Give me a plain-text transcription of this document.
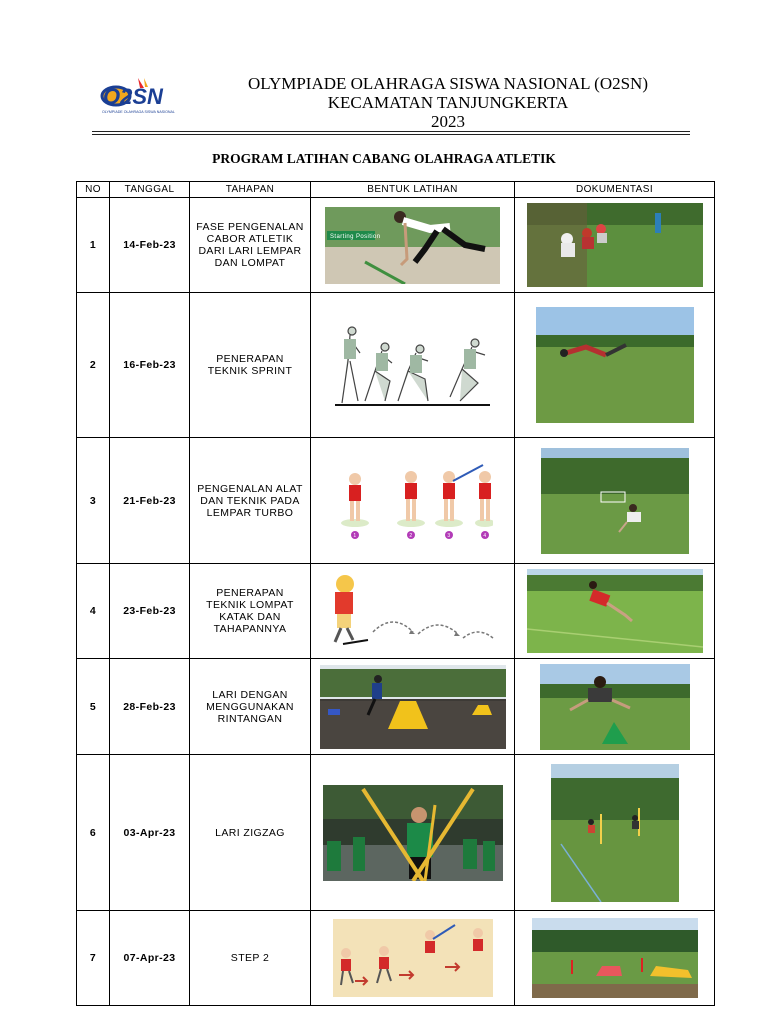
O2SN
OLYMPIADE OLAHRAGA SISWA NASIONAL
OLYMPIADE OLAHRAGA SISWA NASIONAL (O2SN)
KECAMATAN TANJUNGKERTA
2023
PROGRAM LATIHAN CABANG OLAHRAGA ATLETIK
NO	TANGGAL	TAHAPAN	BENTUK LATIHAN	DOKUMENTASI
1	14-Feb-23	FASE PENGENALAN CABOR ATLETIK DARI LARI LEMPAR DAN LOMPAT	Starting Position

2	16-Feb-23	PENERAPAN TEKNIK SPRINT	

3	21-Feb-23	PENGENALAN ALAT DAN TEKNIK PADA LEMPAR TURBO	1 2 3 4

4	23-Feb-23	PENERAPAN TEKNIK LOMPAT KATAK DAN TAHAPANNYA	

5	28-Feb-23	LARI DENGAN MENGGUNAKAN RINTANGAN	

6	03-Apr-23	LARI ZIGZAG	

7	07-Apr-23	STEP 2	
